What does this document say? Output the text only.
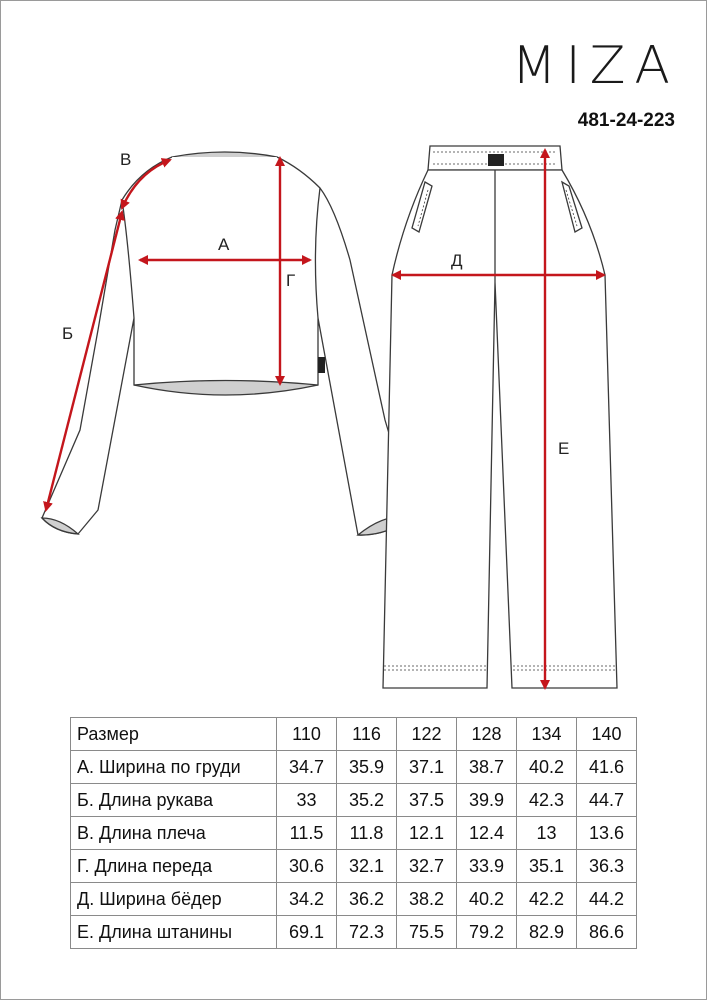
MIZA
481-24-223
А
Б
В
Г
Д
Е
Размер	110	116	122	128	134	140
А. Ширина по груди	34.7	35.9	37.1	38.7	40.2	41.6
Б. Длина рукава	33	35.2	37.5	39.9	42.3	44.7
В. Длина плеча	11.5	11.8	12.1	12.4	13	13.6
Г. Длина переда	30.6	32.1	32.7	33.9	35.1	36.3
Д. Ширина бёдер	34.2	36.2	38.2	40.2	42.2	44.2
Е. Длина штанины	69.1	72.3	75.5	79.2	82.9	86.6
